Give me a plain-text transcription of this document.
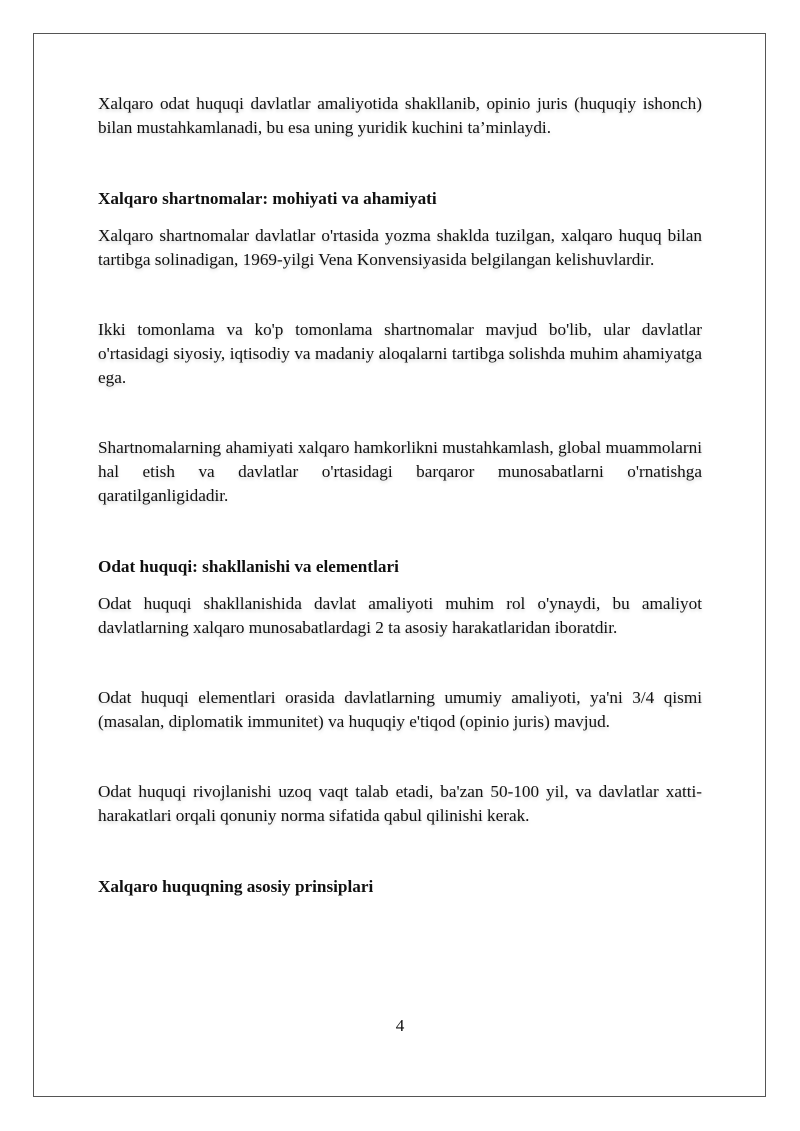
Xalqaro odat huquqi davlatlar amaliyotida shakllanib, opinio juris (huquqiy ishonch) bilan mustahkamlanadi, bu esa uning yuridik kuchini ta’minlaydi.

Xalqaro shartnomalar: mohiyati va ahamiyati

Xalqaro shartnomalar davlatlar o'rtasida yozma shaklda tuzilgan, xalqaro huquq bilan tartibga solinadigan, 1969-yilgi Vena Konvensiyasida belgilangan kelishuvlardir.

Ikki tomonlama va ko'p tomonlama shartnomalar mavjud bo'lib, ular davlatlar o'rtasidagi siyosiy, iqtisodiy va madaniy aloqalarni tartibga solishda muhim ahamiyatga ega.

Shartnomalarning ahamiyati xalqaro hamkorlikni mustahkamlash, global muammolarni hal etish va davlatlar o'rtasidagi barqaror munosabatlarni o'rnatishga qaratilganligidadir.

Odat huquqi: shakllanishi va elementlari

Odat huquqi shakllanishida davlat amaliyoti muhim rol o'ynaydi, bu amaliyot davlatlarning xalqaro munosabatlardagi 2 ta asosiy harakatlaridan iboratdir.

Odat huquqi elementlari orasida davlatlarning umumiy amaliyoti, ya'ni 3/4 qismi (masalan, diplomatik immunitet) va huquqiy e'tiqod (opinio juris) mavjud.

Odat huquqi rivojlanishi uzoq vaqt talab etadi, ba'zan 50-100 yil, va davlatlar xatti-harakatlari orqali qonuniy norma sifatida qabul qilinishi kerak.

Xalqaro huquqning asosiy prinsiplari
4
